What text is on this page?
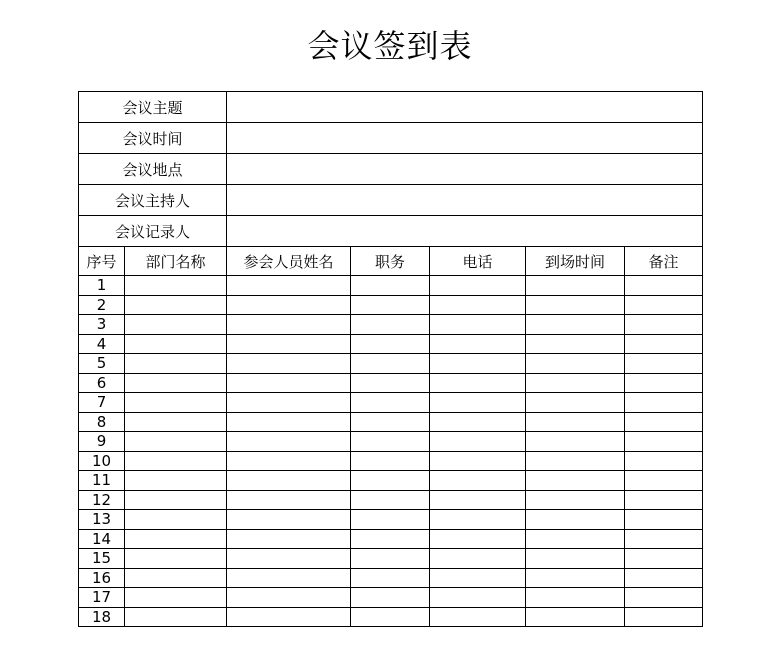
会议签到表
会议主题						
会议时间						
会议地点						
会议主持人						
会议记录人						
序号	部门名称	参会人员姓名	职务	电话	到场时间	备注
1						
2						
3						
4						
5						
6						
7						
8						
9						
10						
11						
12						
13						
14						
15						
16						
17						
18						
